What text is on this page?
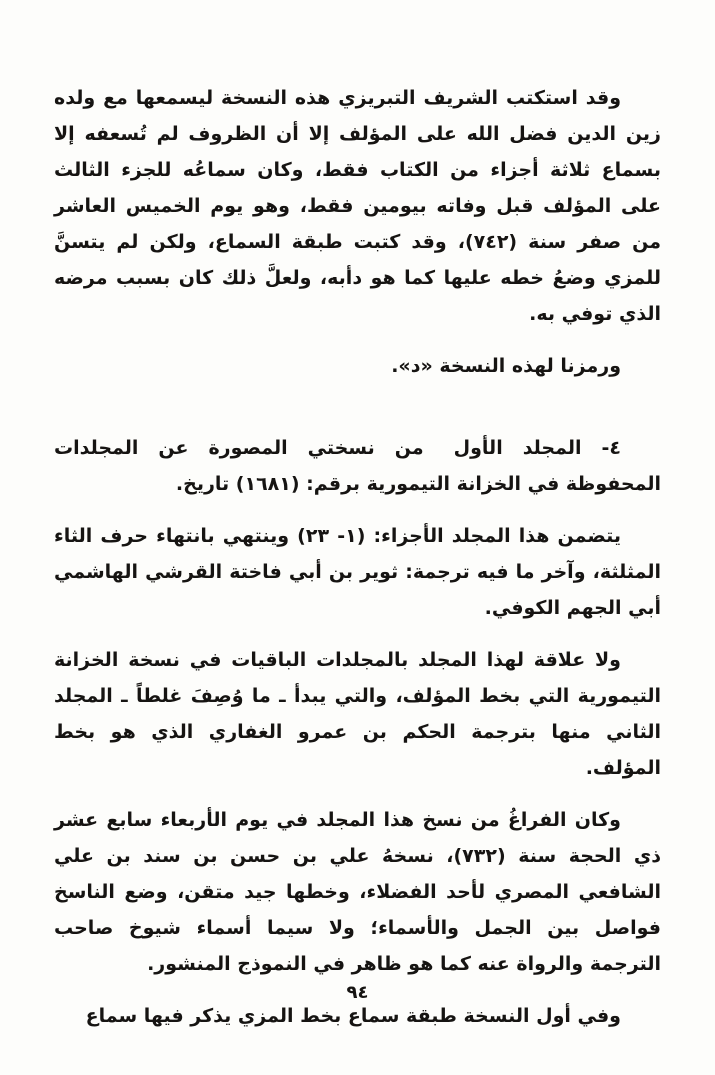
وقد استكتب الشريف التبريزي هذه النسخة ليسمعها مع ولده زين الدين فضل الله على المؤلف إلا أن الظروف لم تُسعفه إلا بسماع ثلاثة أجزاء من الكتاب فقط، وكان سماعُه للجزء الثالث على المؤلف قبل وفاته بيومين فقط، وهو يوم الخميس العاشر من صفر سنة (٧٤٢)، وقد كتبت طبقة السماع، ولكن لم يتسنَّ للمزي وضعُ خطه عليها كما هو دأبه، ولعلَّ ذلك كان بسبب مرضه الذي توفي به.

ورمزنا لهذه النسخة «د».

٤- المجلد الأول من نسختي المصورة عن المجلدات المحفوظة في الخزانة التيمورية برقم: (١٦٨١) تاريخ.

يتضمن هذا المجلد الأجزاء: (١- ٢٣) وينتهي بانتهاء حرف الثاء المثلثة، وآخر ما فيه ترجمة: ثوير بن أبي فاختة القرشي الهاشمي أبي الجهم الكوفي.

ولا علاقة لهذا المجلد بالمجلدات الباقيات في نسخة الخزانة التيمورية التي بخط المؤلف، والتي يبدأ ـ ما وُصِفَ غلطاً ـ المجلد الثاني منها بترجمة الحكم بن عمرو الغفاري الذي هو بخط المؤلف.

وكان الفراغُ من نسخ هذا المجلد في يوم الأربعاء سابع عشر ذي الحجة سنة (٧٣٢)، نسخهُ علي بن حسن بن سند بن علي الشافعي المصري لأحد الفضلاء، وخطها جيد متقن، وضع الناسخ فواصل بين الجمل والأسماء؛ ولا سيما أسماء شيوخ صاحب الترجمة والرواة عنه كما هو ظاهر في النموذج المنشور.

وفي أول النسخة طبقة سماع بخط المزي يذكر فيها سماع

٩٤
